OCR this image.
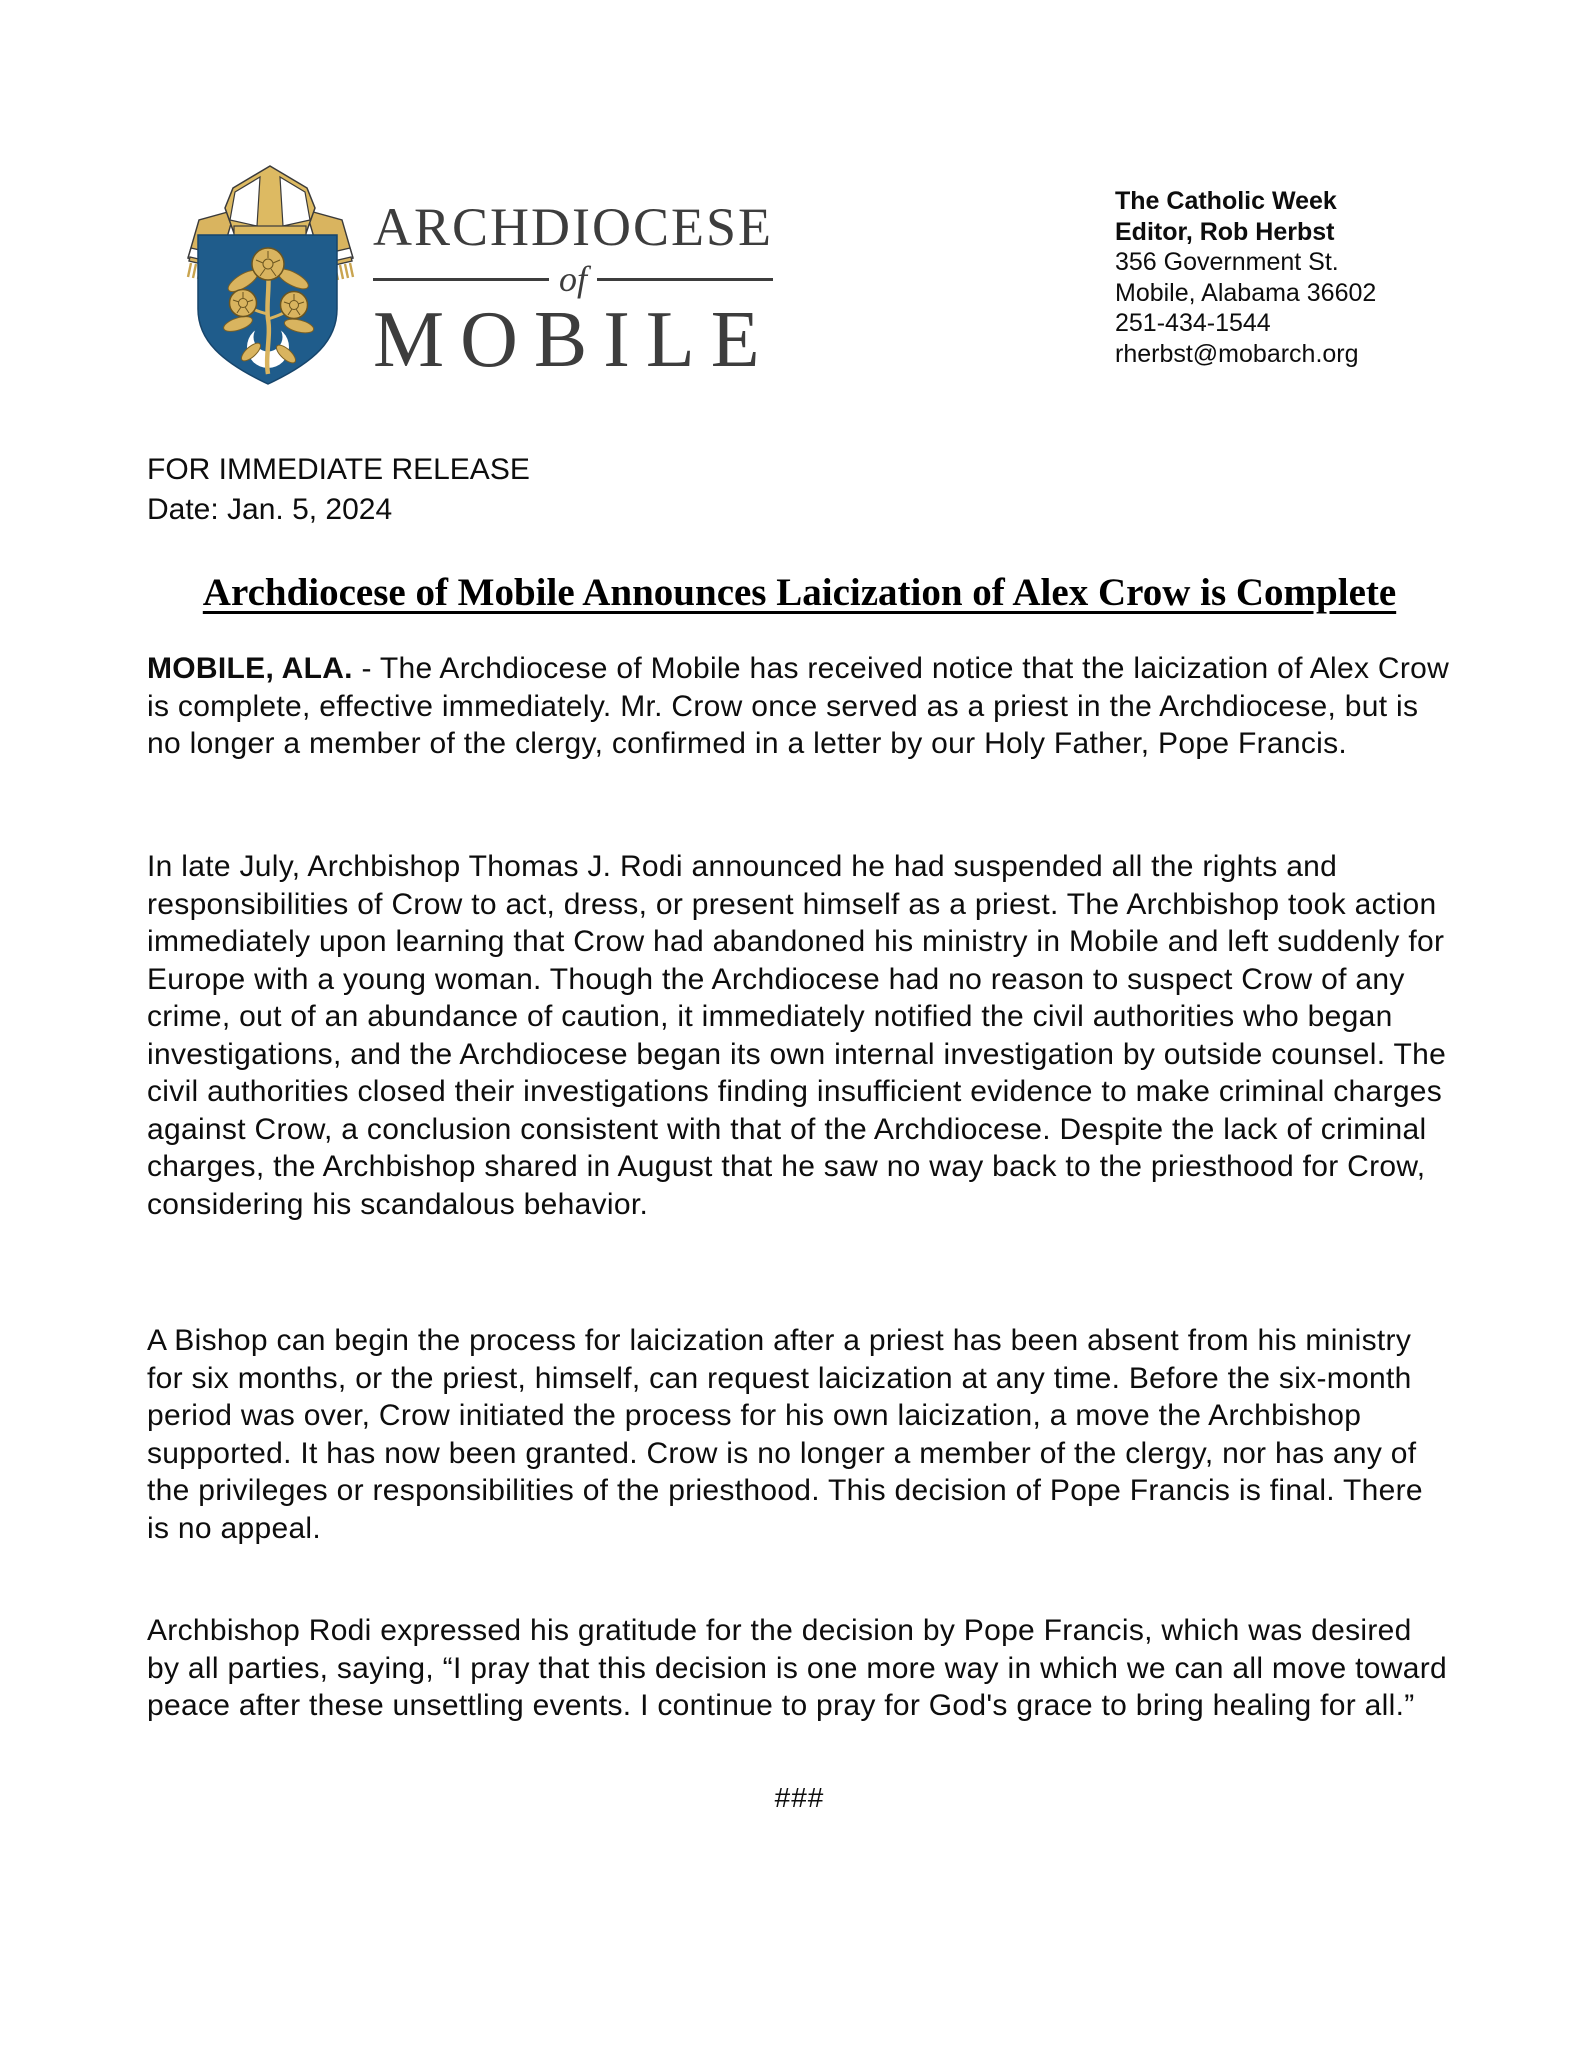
ARCHDIOCESE
of
MOBILE
The Catholic Week
Editor, Rob Herbst
356 Government St.
Mobile, Alabama 36602
251-434-1544
rherbst@mobarch.org
FOR IMMEDIATE RELEASE
Date: Jan. 5, 2024
Archdiocese of Mobile Announces Laicization of Alex Crow is Complete
MOBILE, ALA. - The Archdiocese of Mobile has received notice that the laicization of Alex Crow is complete, effective immediately. Mr. Crow once served as a priest in the Archdiocese, but is no longer a member of the clergy, confirmed in a letter by our Holy Father, Pope Francis.
In late July, Archbishop Thomas J. Rodi announced he had suspended all the rights and responsibilities of Crow to act, dress, or present himself as a priest. The Archbishop took action immediately upon learning that Crow had abandoned his ministry in Mobile and left suddenly for Europe with a young woman. Though the Archdiocese had no reason to suspect Crow of any crime, out of an abundance of caution, it immediately notified the civil authorities who began investigations, and the Archdiocese began its own internal investigation by outside counsel. The civil authorities closed their investigations finding insufficient evidence to make criminal charges against Crow, a conclusion consistent with that of the Archdiocese. Despite the lack of criminal charges, the Archbishop shared in August that he saw no way back to the priesthood for Crow, considering his scandalous behavior.
A Bishop can begin the process for laicization after a priest has been absent from his ministry for six months, or the priest, himself, can request laicization at any time. Before the six-month period was over, Crow initiated the process for his own laicization, a move the Archbishop supported. It has now been granted. Crow is no longer a member of the clergy, nor has any of the privileges or responsibilities of the priesthood. This decision of Pope Francis is final. There is no appeal.
Archbishop Rodi expressed his gratitude for the decision by Pope Francis, which was desired by all parties, saying, “I pray that this decision is one more way in which we can all move toward peace after these unsettling events. I continue to pray for God's grace to bring healing for all.”
###
